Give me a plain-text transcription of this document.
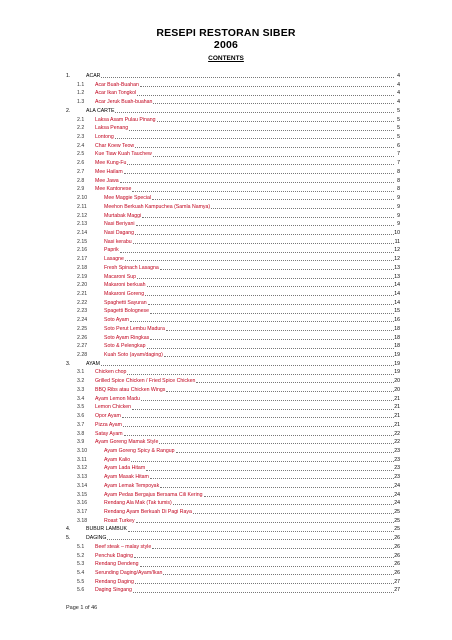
RESEPI RESTORAN SIBER
2006
CONTENTS
1.	ACAR	4
1.1 Acar Buah-Buahan	4
1.2 Acar Ikan Tongkol	4
1.3 Acar Jeruk Buah-buahan	4
2.	ALA CARTE	5
2.1 Laksa Asam Pulau Pinang	5
2.2 Laksa Penang	5
2.3 Lontong	5
2.4 Char Koew Teow	6
2.5 Kue Tiaw Kuah Tauchew	7
2.6 Mee Kung-Fu	7
2.7 Mee Hailam	8
2.8 Mee Jawa	8
2.9 Mee Kantonese	8
2.10	Mee Maggie Special	9
2.11	Meehon Berkuah Kampuchea (Samla Namya)	9
2.12	Murtabak Maggi	9
2.13	Nasi Beriyani	9
2.14	Nasi Dagang	10
2.15	Nasi kerabu	11
2.16	Paprik	12
2.17	Lasagne	12
2.18	Fresh Spinach Lasagna	13
2.19	Macaroni Sup	13
2.20	Makaroni berkuah	14
2.21	Makaroni Goreng	14
2.22	Spaghetti Sayuran	14
2.23	Spagetti Bolognese	15
2.24	Soto Ayam	16
2.25	Soto Perut Lembu Madura	18
2.26	Soto Ayam Ringkas	18
2.27	Soto & Pelengkap	18
2.28	Kuah Soto (ayam/daging)	19
3.	AYAM	19
3.1 Chicken chop	19
3.2 Grilled Spice Chicken / Fried Spice Chicken	20
3.3 BBQ Ribs atau Chicken Wings	20
3.4 Ayam Lemon Madu	21
3.5 Lemon Chicken	21
3.6 Opor Ayam	21
3.7 Pizza Ayam	21
3.8 Satay Ayam	22
3.9 Ayam Goreng Mamak Style	22
3.10	Ayam Goreng Spicy & Rangup	23
3.11	Ayam Kalio	23
3.12	Ayam Lada Hitam	23
3.13	Ayam Masak Hitam	23
3.14	Ayam Lemak Tempoyak	24
3.15	Ayam Pedas Bergajus Bersama Cili Kering	24
3.16	Rendang Ala Mak (Tak tumis)	24
3.17	Rendang Ayam Berkuah Di Pagi Raya	25
3.18	Roast Turkey	25
4.	BUBUR LAMBUK	25
5.	DAGING	26
5.1 Beef steak – malay style	26
5.2 Penchuk Daging	26
5.3 Rendang Dendeng	26
5.4 Serunding Daging/Ayam/Ikan	26
5.5 Rendang Daging	27
5.6 Daging Singang	27
Page 1 of 46
